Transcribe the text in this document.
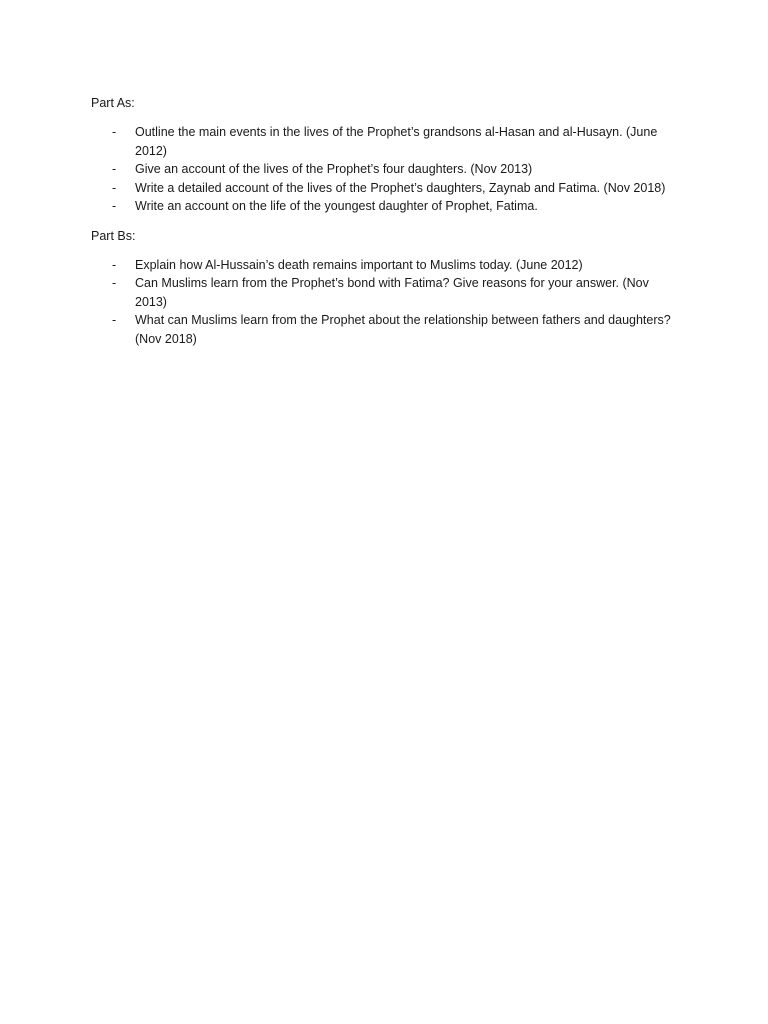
Part As:

- Outline the main events in the lives of the Prophet’s grandsons al-Hasan and al-Husayn. (June 2012)
- Give an account of the lives of the Prophet’s four daughters. (Nov 2013)
- Write a detailed account of the lives of the Prophet’s daughters, Zaynab and Fatima. (Nov 2018)
- Write an account on the life of the youngest daughter of Prophet, Fatima.

Part Bs:

- Explain how Al-Hussain’s death remains important to Muslims today. (June 2012)
- Can Muslims learn from the Prophet’s bond with Fatima? Give reasons for your answer. (Nov 2013)
- What can Muslims learn from the Prophet about the relationship between fathers and daughters? (Nov 2018)
